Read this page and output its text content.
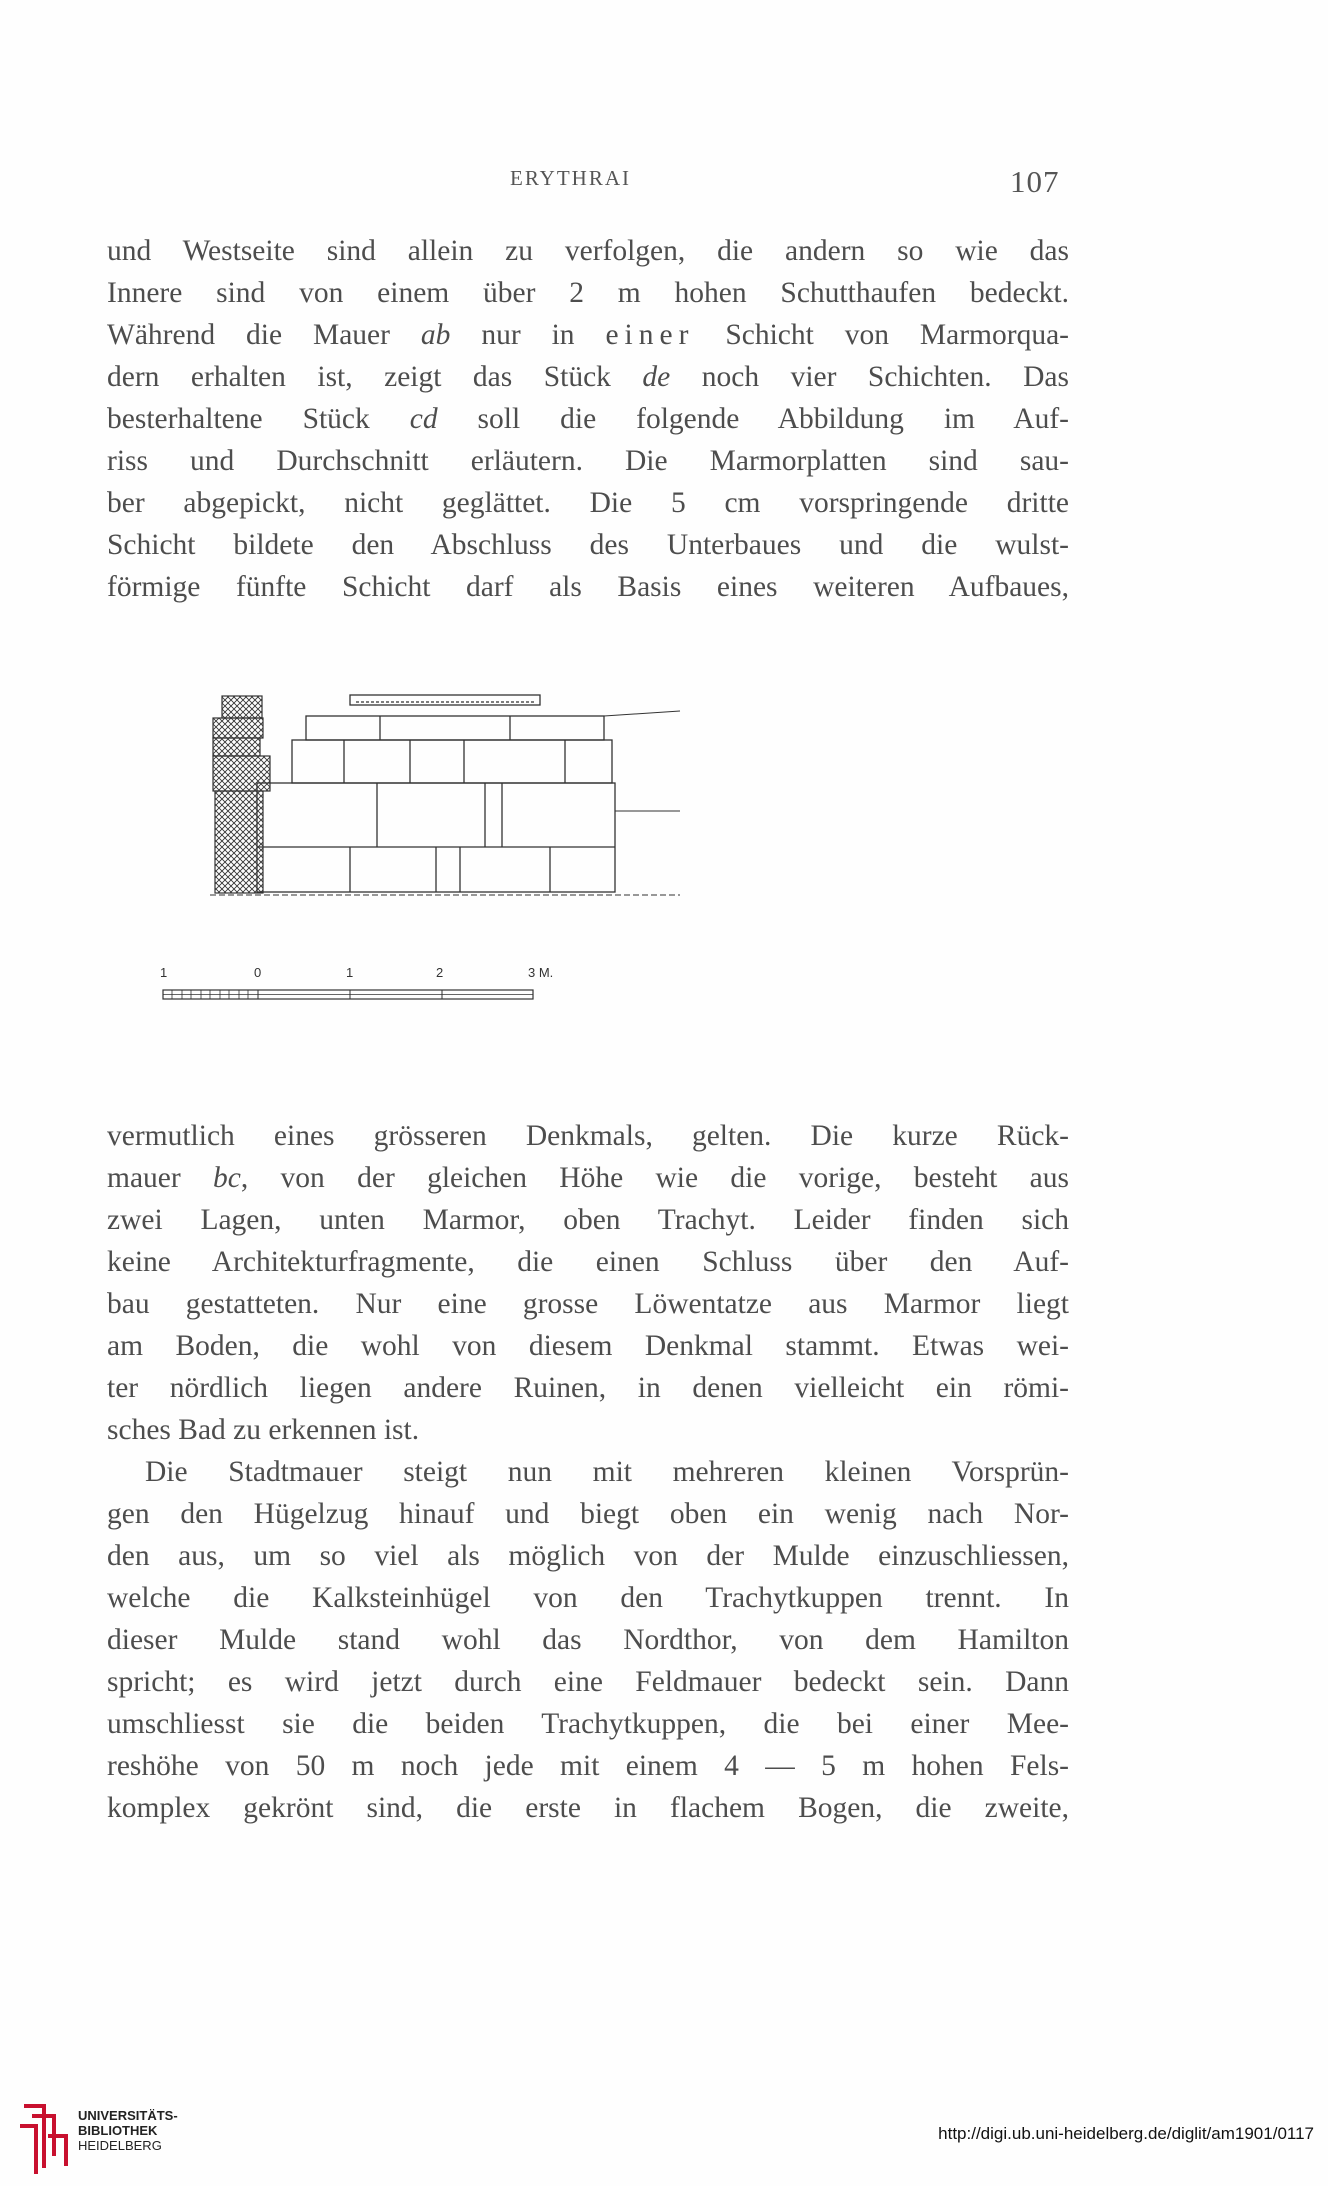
ERYTHRAI	107
und Westseite sind allein zu verfolgen, die andern so wie das
Innere sind von einem über 2 m hohen Schutthaufen bedeckt.
Während die Mauer ab nur in einer Schicht von Marmorqua-
dern erhalten ist, zeigt das Stück de noch vier Schichten. Das
besterhaltene Stück cd soll die folgende Abbildung im Auf-
riss und Durchschnitt erläutern. Die Marmorplatten sind sau-
ber abgepickt, nicht geglättet. Die 5 cm vorspringende dritte
Schicht bildete den Abschluss des Unterbaues und die wulst-
förmige fünfte Schicht darf als Basis eines weiteren Aufbaues,
1	0	1	2	3 M.
vermutlich eines grösseren Denkmals, gelten. Die kurze Rück-
mauer bc, von der gleichen Höhe wie die vorige, besteht aus
zwei Lagen, unten Marmor, oben Trachyt. Leider finden sich
keine Architekturfragmente, die einen Schluss über den Auf-
bau gestatteten. Nur eine grosse Löwentatze aus Marmor liegt
am Boden, die wohl von diesem Denkmal stammt. Etwas wei-
ter nördlich liegen andere Ruinen, in denen vielleicht ein römi-
sches Bad zu erkennen ist.
Die Stadtmauer steigt nun mit mehreren kleinen Vorsprün-
gen den Hügelzug hinauf und biegt oben ein wenig nach Nor-
den aus, um so viel als möglich von der Mulde einzuschliessen,
welche die Kalksteinhügel von den Trachytkuppen trennt. In
dieser Mulde stand wohl das Nordthor, von dem Hamilton
spricht; es wird jetzt durch eine Feldmauer bedeckt sein. Dann
umschliesst sie die beiden Trachytkuppen, die bei einer Mee-
reshöhe von 50 m noch jede mit einem 4 — 5 m hohen Fels-
komplex gekrönt sind, die erste in flachem Bogen, die zweite,
UNIVERSITÄTS-
BIBLIOTHEK
HEIDELBERG
http://digi.ub.uni-heidelberg.de/diglit/am1901/0117
